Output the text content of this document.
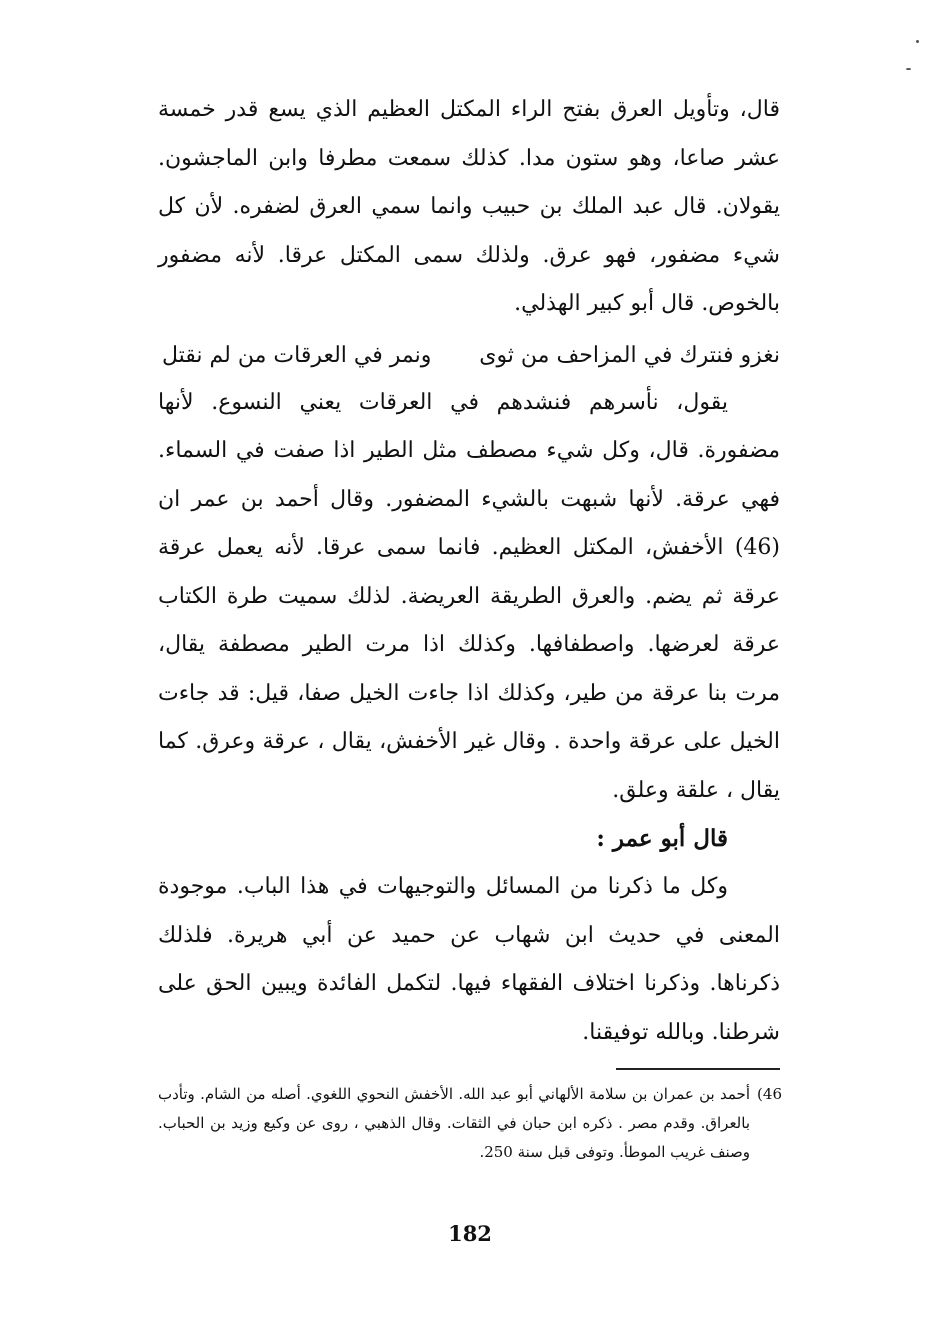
قال، وتأويل العرق بفتح الراء المكتل العظيم الذي يسع قدر خمسة عشر صاعا، وهو ستون مدا. كذلك سمعت مطرفا وابن الماجشون. يقولان. قال عبد الملك بن حبيب وانما سمي العرق لضفره. لأن كل شيء مضفور، فهو عرق. ولذلك سمى المكتل عرقا. لأنه مضفور بالخوص. قال أبو كبير الهذلي.

نغزو فنترك في المزاحف من ثوى
ونمر في العرقات من لم نقتل

يقول، نأسرهم فنشدهم في العرقات يعني النسوع. لأنها مضفورة. قال، وكل شيء مصطف مثل الطير اذا صفت في السماء. فهي عرقة. لأنها شبهت بالشيء المضفور. وقال أحمد بن عمر ان (46) الأخفش، المكتل العظيم. فانما سمى عرقا. لأنه يعمل عرقة عرقة ثم يضم. والعرق الطريقة العريضة. لذلك سميت طرة الكتاب عرقة لعرضها. واصطفافها. وكذلك اذا مرت الطير مصطفة يقال، مرت بنا عرقة من طير، وكذلك اذا جاءت الخيل صفا، قيل: قد جاءت الخيل على عرقة واحدة . وقال غير الأخفش، يقال ، عرقة وعرق. كما يقال ، علقة وعلق.

قال أبو عمر :

وكل ما ذكرنا من المسائل والتوجيهات في هذا الباب. موجودة المعنى في حديث ابن شهاب عن حميد عن أبي هريرة. فلذلك ذكرناها. وذكرنا اختلاف الفقهاء فيها. لتكمل الفائدة ويبين الحق على شرطنا. وبالله توفيقنا.

46)
أحمد بن عمران بن سلامة الألهاني أبو عبد الله. الأخفش النحوي اللغوي. أصله من الشام. وتأدب بالعراق. وقدم مصر . ذكره ابن حبان في الثقات. وقال الذهبي ، روى عن وكيع وزيد بن الحباب. وصنف غريب الموطأ. وتوفى قبل سنة 250.

182
